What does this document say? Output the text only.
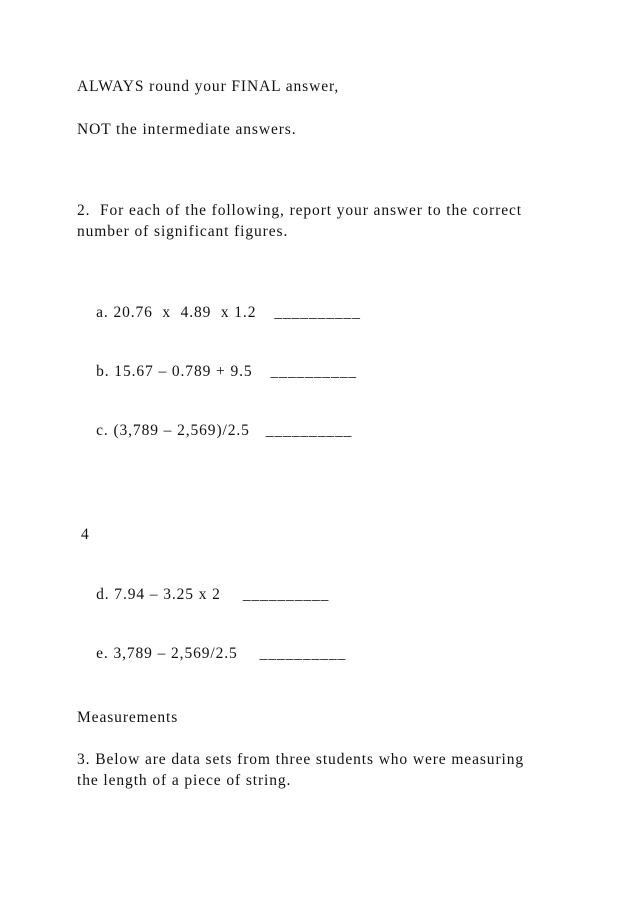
ALWAYS round your FINAL answer,
NOT the intermediate answers.
2.  For each of the following, report your answer to the correct
number of significant figures.

a. 20.76  x  4.89  x 1.2 __________

b. 15.67 – 0.789 + 9.5 __________

c. (3,789 – 2,569)/2.5 __________

4

d. 7.94 – 3.25 x 2 __________

e. 3,789 – 2,569/2.5 __________

Measurements
3. Below are data sets from three students who were measuring
the length of a piece of string.
